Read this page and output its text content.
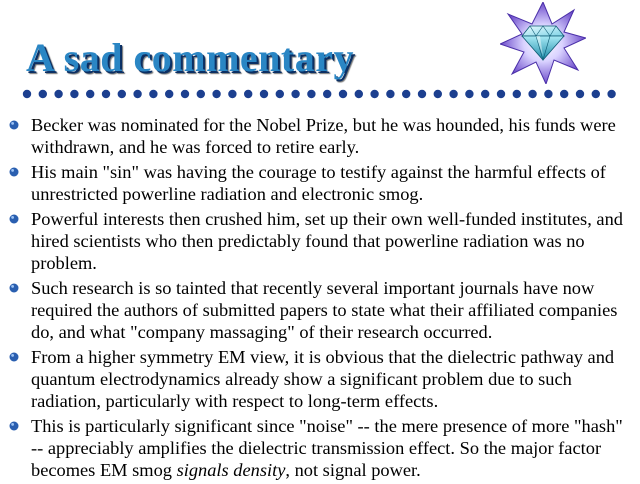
A sad commentary
Becker was nominated for the Nobel Prize, but he was hounded, his funds were withdrawn, and he was forced to retire early.
His main "sin" was having the courage to testify against the harmful effects of unrestricted powerline radiation and electronic smog.
Powerful interests then crushed him, set up their own well-funded institutes, and hired scientists who then predictably found that powerline radiation was no problem.
Such research is so tainted that recently several important journals have now required the authors of submitted papers to state what their affiliated companies do, and what "company massaging" of their research occurred.
From a higher symmetry EM view, it is obvious that the dielectric pathway and quantum electrodynamics already show a significant problem due to such radiation, particularly with respect to long-term effects.
This is particularly significant since "noise" -- the mere presence of more "hash" -- appreciably amplifies the dielectric transmission effect. So the major factor becomes EM smog signals density, not signal power.
